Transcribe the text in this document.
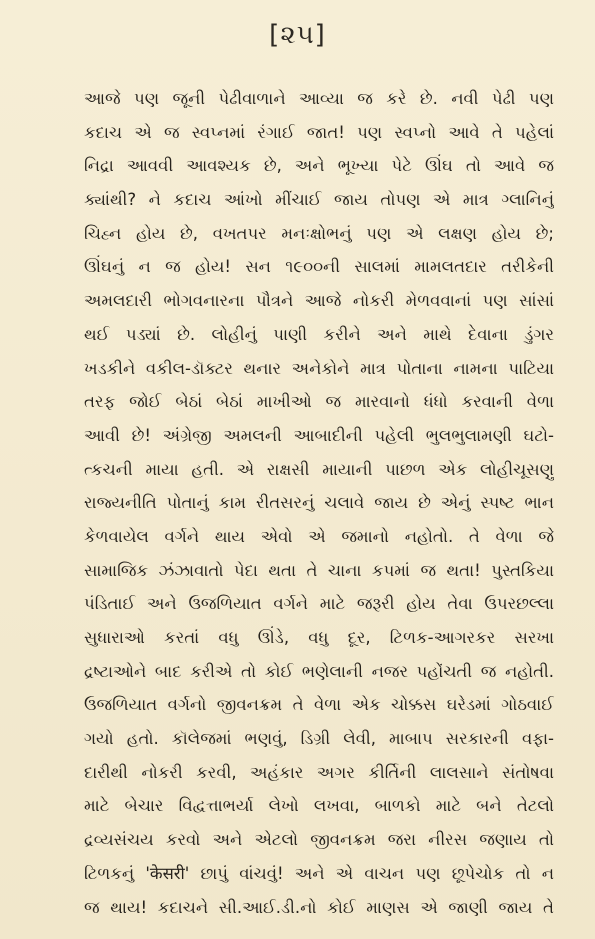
[૨૫]
આજે પણ જૂની પેઢીવાળાને આવ્યા જ કરે છે. નવી પેઢી પણ
કદાચ એ જ સ્વપ્નમાં રંગાઈ જાત! પણ સ્વપ્નો આવે તે પહેલાં
નિદ્રા આવવી આવશ્યક છે, અને ભૂખ્યા પેટે ઊંઘ તો આવે જ
ક્યાંથી? ને કદાચ આંખો મીંચાઈ જાય તોપણ એ માત્ર ગ્લાનિનું
ચિહ્ન હોય છે, વખતપર મનઃક્ષોભનું પણ એ લક્ષણ હોય છે;
ઊંઘનું ન જ હોય! સન ૧૯૦૦ની સાલમાં મામલતદાર તરીકેની
અમલદારી ભોગવનારના પૌત્રને આજે નોકરી મેળવવાનાં પણ સાંસાં
થઈ પડ્યાં છે. લોહીનું પાણી કરીને અને માથે દેવાના ડુંગર
ખડકીને વકીલ-ડૉક્ટર થનાર અનેકોને માત્ર પોતાના નામના પાટિયા
તરફ જોઈ બેઠાં બેઠાં માખીઓ જ મારવાનો ધંધો કરવાની વેળા
આવી છે! અંગ્રેજી અમલની આબાદીની પહેલી ભુલભુલામણી ઘટો-
ત્કચની માયા હતી. એ રાક્ષસી માયાની પાછળ એક લોહીચૂસણુ
રાજ્યનીતિ પોતાનું કામ રીતસરનું ચલાવે જાય છે એનું સ્પષ્ટ ભાન
કેળવાયેલ વર્ગને થાય એવો એ જમાનો નહોતો. તે વેળા જે
સામાજિક ઝંઝાવાતો પેદા થતા તે ચાના કપમાં જ થતા! પુસ્તકિયા
પંડિતાઈ અને ઉજળિયાત વર્ગને માટે જરૂરી હોય તેવા ઉપરછલ્લા
સુધારાઓ કરતાં વધુ ઊંડે, વધુ દૂર, ટિળક-આગરકર સરખા
દ્રષ્ટાઓને બાદ કરીએ તો કોઈ ભણેલાની નજર પહોંચતી જ નહોતી.
ઉજળિયાત વર્ગનો જીવનક્રમ તે વેળા એક ચોક્કસ ઘરેડમાં ગોઠવાઈ
ગયો હતો. કૉલેજમાં ભણવું, ડિગ્રી લેવી, માબાપ સરકારની વફા-
દારીથી નોકરી કરવી, અહંકાર અગર કીર્તિની લાલસાને સંતોષવા
માટે બેચાર વિદ્વત્તાભર્યા લેખો લખવા, બાળકો માટે બને તેટલો
દ્રવ્યસંચય કરવો અને એટલો જીવનક્રમ જરા નીરસ જણાય તો
ટિળકનું 'केसरी' છાપું વાંચવું! અને એ વાચન પણ છૂપેચોક તો ન
જ થાય! કદાચને સી.આઈ.ડી.નો કોઈ માણસ એ જાણી જાય તે
